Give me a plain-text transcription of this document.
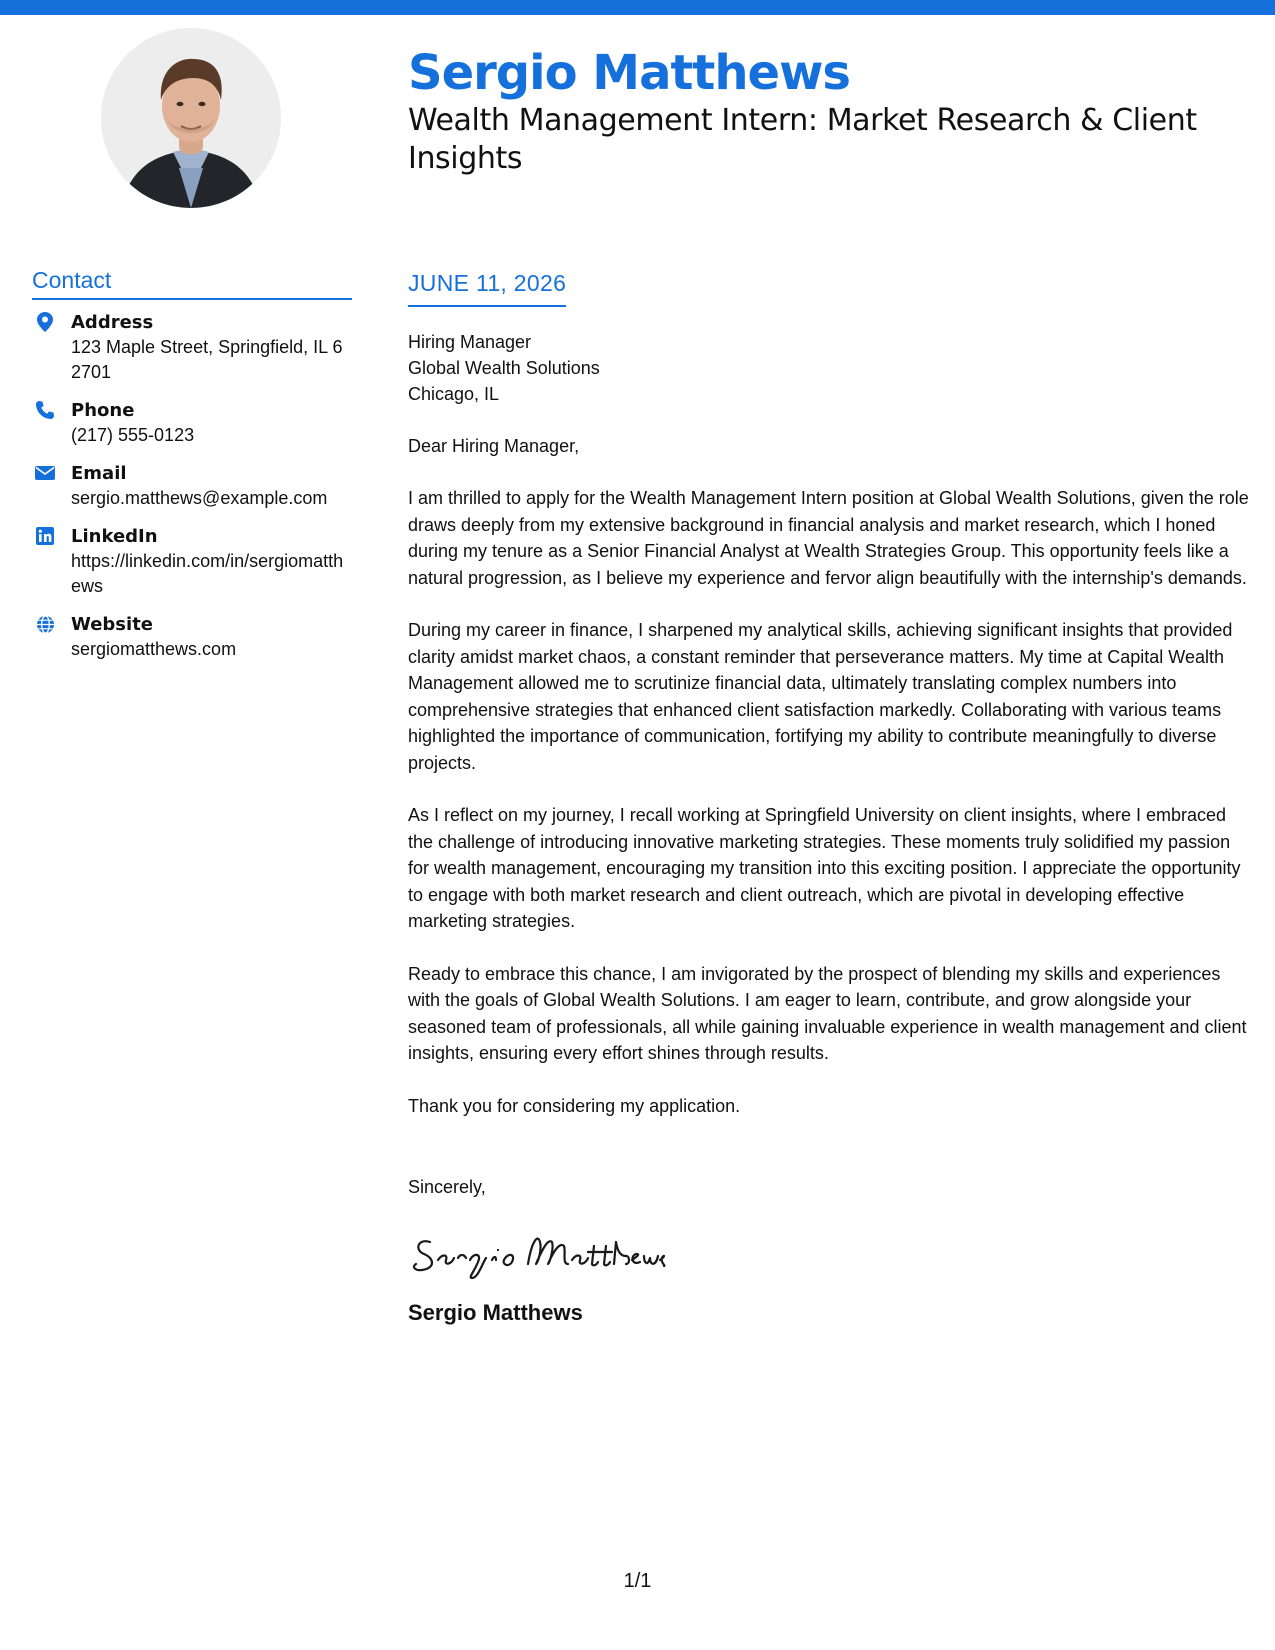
Sergio Matthews
Wealth Management Intern: Market Research & Client Insights
Contact
Address
123 Maple Street, Springfield, IL 62701
Phone
(217) 555-0123
Email
sergio.matthews@example.com
LinkedIn
https://linkedin.com/in/sergiomatthews
Website
sergiomatthews.com
JUNE 11, 2026
Hiring Manager
Global Wealth Solutions
Chicago, IL
Dear Hiring Manager,

I am thrilled to apply for the Wealth Management Intern position at Global Wealth Solutions, given the role draws deeply from my extensive background in financial analysis and market research, which I honed during my tenure as a Senior Financial Analyst at Wealth Strategies Group. This opportunity feels like a natural progression, as I believe my experience and fervor align beautifully with the internship's demands.

During my career in finance, I sharpened my analytical skills, achieving significant insights that provided clarity amidst market chaos, a constant reminder that perseverance matters. My time at Capital Wealth Management allowed me to scrutinize financial data, ultimately translating complex numbers into comprehensive strategies that enhanced client satisfaction markedly. Collaborating with various teams highlighted the importance of communication, fortifying my ability to contribute meaningfully to diverse projects.

As I reflect on my journey, I recall working at Springfield University on client insights, where I embraced the challenge of introducing innovative marketing strategies. These moments truly solidified my passion for wealth management, encouraging my transition into this exciting position. I appreciate the opportunity to engage with both market research and client outreach, which are pivotal in developing effective marketing strategies.

Ready to embrace this chance, I am invigorated by the prospect of blending my skills and experiences with the goals of Global Wealth Solutions. I am eager to learn, contribute, and grow alongside your seasoned team of professionals, all while gaining invaluable experience in wealth management and client insights, ensuring every effort shines through results.

Thank you for considering my application.

Sincerely,
Sergio Matthews
1/1
